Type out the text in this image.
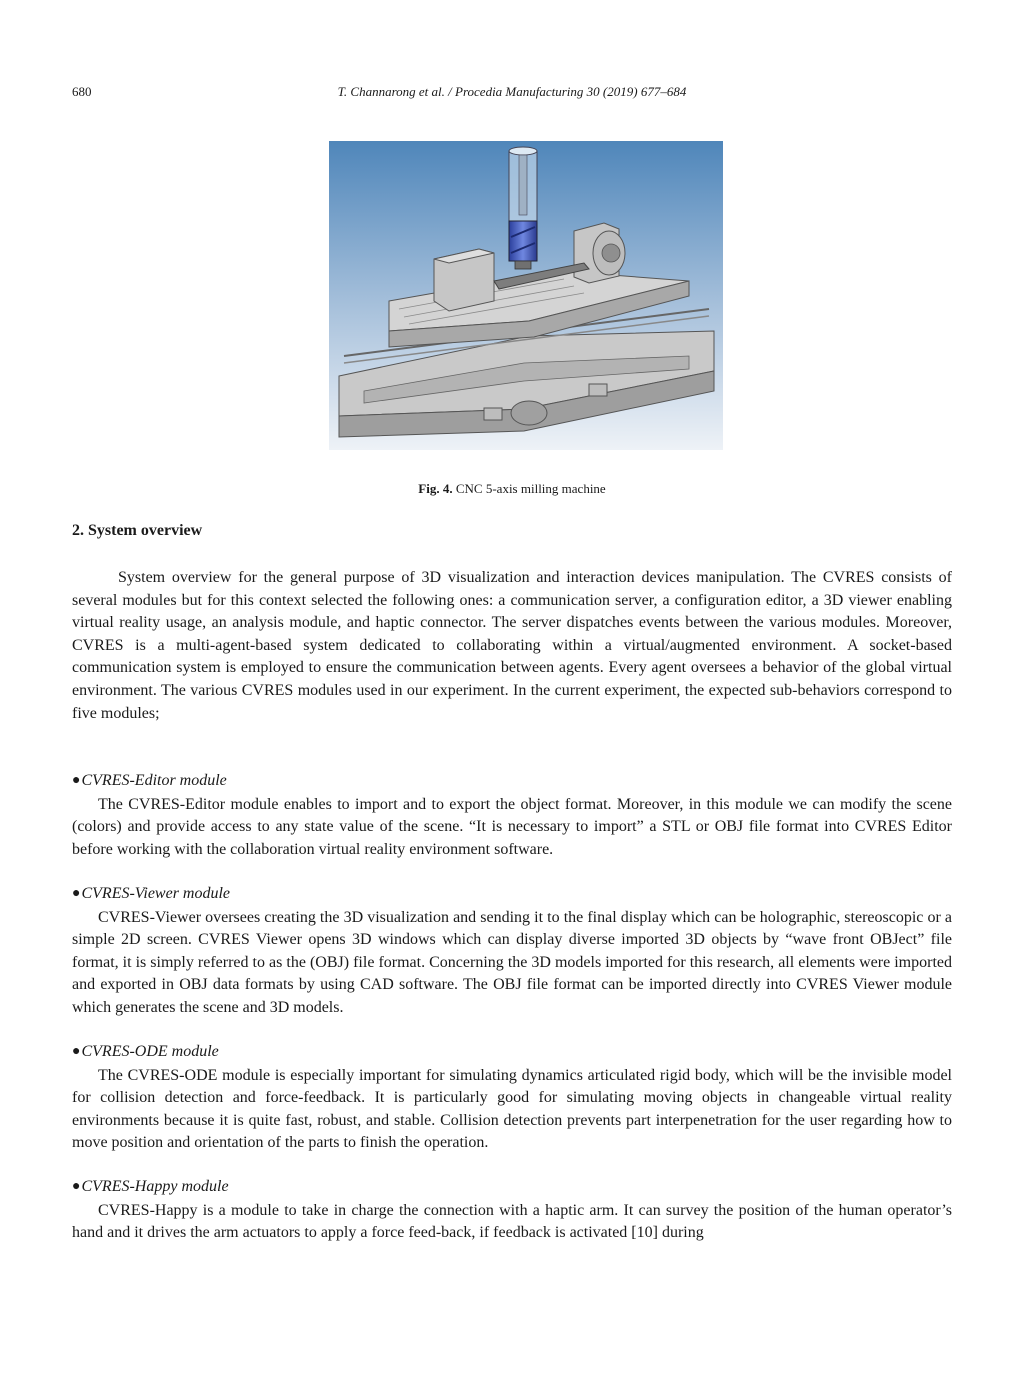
680	T. Channarong et al. / Procedia Manufacturing 30 (2019) 677–684
Fig. 4. CNC 5-axis milling machine
2. System overview

System overview for the general purpose of 3D visualization and interaction devices manipulation. The CVRES consists of several modules but for this context selected the following ones: a communication server, a configuration editor, a 3D viewer enabling virtual reality usage, an analysis module, and haptic connector. The server dispatches events between the various modules. Moreover, CVRES is a multi-agent-based system dedicated to collaborating within a virtual/augmented environment. A socket-based communication system is employed to ensure the communication between agents. Every agent oversees a behavior of the global virtual environment. The various CVRES modules used in our experiment. In the current experiment, the expected sub-behaviors correspond to five modules;

●CVRES-Editor module

The CVRES-Editor module enables to import and to export the object format. Moreover, in this module we can modify the scene (colors) and provide access to any state value of the scene. “It is necessary to import” a STL or OBJ file format into CVRES Editor before working with the collaboration virtual reality environment software.

●CVRES-Viewer module

CVRES-Viewer oversees creating the 3D visualization and sending it to the final display which can be holographic, stereoscopic or a simple 2D screen. CVRES Viewer opens 3D windows which can display diverse imported 3D objects by “wave front OBJect” file format, it is simply referred to as the (OBJ) file format. Concerning the 3D models imported for this research, all elements were imported and exported in OBJ data formats by using CAD software. The OBJ file format can be imported directly into CVRES Viewer module which generates the scene and 3D models.

●CVRES-ODE module

The CVRES-ODE module is especially important for simulating dynamics articulated rigid body, which will be the invisible model for collision detection and force-feedback. It is particularly good for simulating moving objects in changeable virtual reality environments because it is quite fast, robust, and stable. Collision detection prevents part interpenetration for the user regarding how to move position and orientation of the parts to finish the operation.

●CVRES-Happy module

CVRES-Happy is a module to take in charge the connection with a haptic arm. It can survey the position of the human operator’s hand and it drives the arm actuators to apply a force feed-back, if feedback is activated [10] during
